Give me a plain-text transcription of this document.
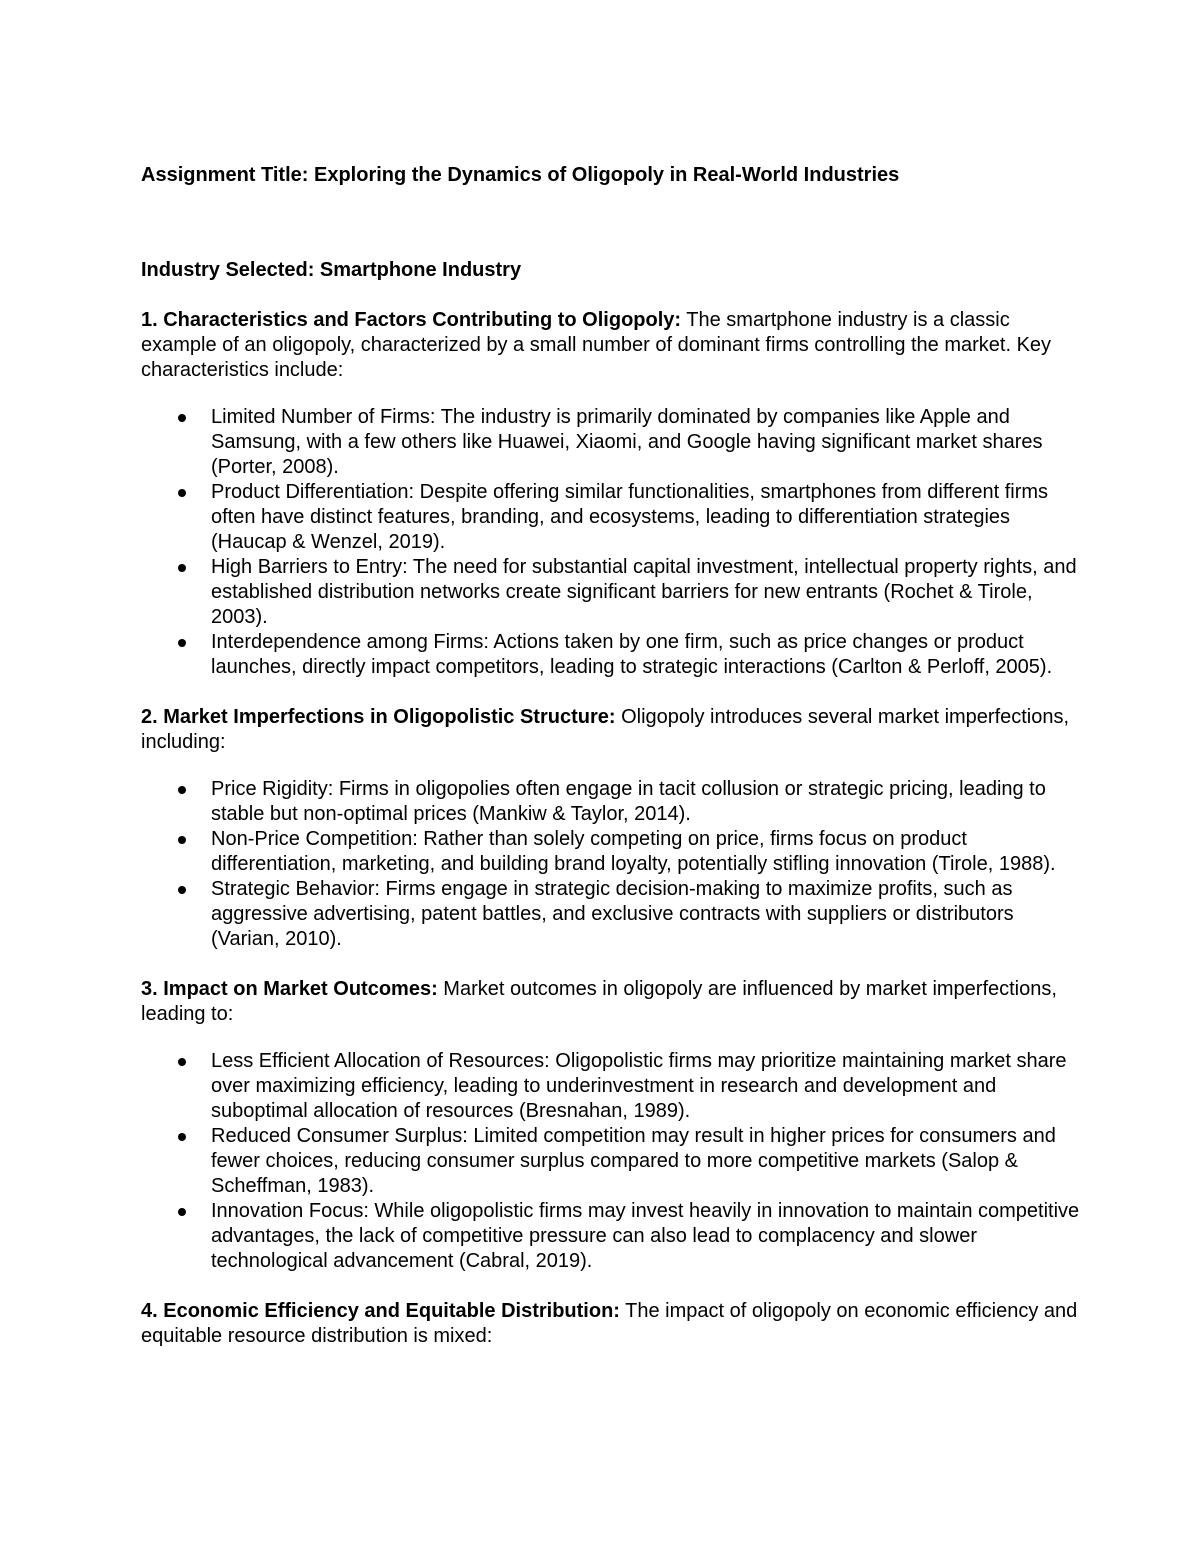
Assignment Title: Exploring the Dynamics of Oligopoly in Real-World Industries

Industry Selected: Smartphone Industry

1. Characteristics and Factors Contributing to Oligopoly: The smartphone industry is a classic example of an oligopoly, characterized by a small number of dominant firms controlling the market. Key characteristics include:

Limited Number of Firms: The industry is primarily dominated by companies like Apple and Samsung, with a few others like Huawei, Xiaomi, and Google having significant market shares (Porter, 2008).
Product Differentiation: Despite offering similar functionalities, smartphones from different firms often have distinct features, branding, and ecosystems, leading to differentiation strategies (Haucap & Wenzel, 2019).
High Barriers to Entry: The need for substantial capital investment, intellectual property rights, and established distribution networks create significant barriers for new entrants (Rochet & Tirole, 2003).
Interdependence among Firms: Actions taken by one firm, such as price changes or product launches, directly impact competitors, leading to strategic interactions (Carlton & Perloff, 2005).

2. Market Imperfections in Oligopolistic Structure: Oligopoly introduces several market imperfections, including:

Price Rigidity: Firms in oligopolies often engage in tacit collusion or strategic pricing, leading to stable but non-optimal prices (Mankiw & Taylor, 2014).
Non-Price Competition: Rather than solely competing on price, firms focus on product differentiation, marketing, and building brand loyalty, potentially stifling innovation (Tirole, 1988).
Strategic Behavior: Firms engage in strategic decision-making to maximize profits, such as aggressive advertising, patent battles, and exclusive contracts with suppliers or distributors (Varian, 2010).

3. Impact on Market Outcomes: Market outcomes in oligopoly are influenced by market imperfections, leading to:

Less Efficient Allocation of Resources: Oligopolistic firms may prioritize maintaining market share over maximizing efficiency, leading to underinvestment in research and development and suboptimal allocation of resources (Bresnahan, 1989).
Reduced Consumer Surplus: Limited competition may result in higher prices for consumers and fewer choices, reducing consumer surplus compared to more competitive markets (Salop & Scheffman, 1983).
Innovation Focus: While oligopolistic firms may invest heavily in innovation to maintain competitive advantages, the lack of competitive pressure can also lead to complacency and slower technological advancement (Cabral, 2019).

4. Economic Efficiency and Equitable Distribution: The impact of oligopoly on economic efficiency and equitable resource distribution is mixed:
